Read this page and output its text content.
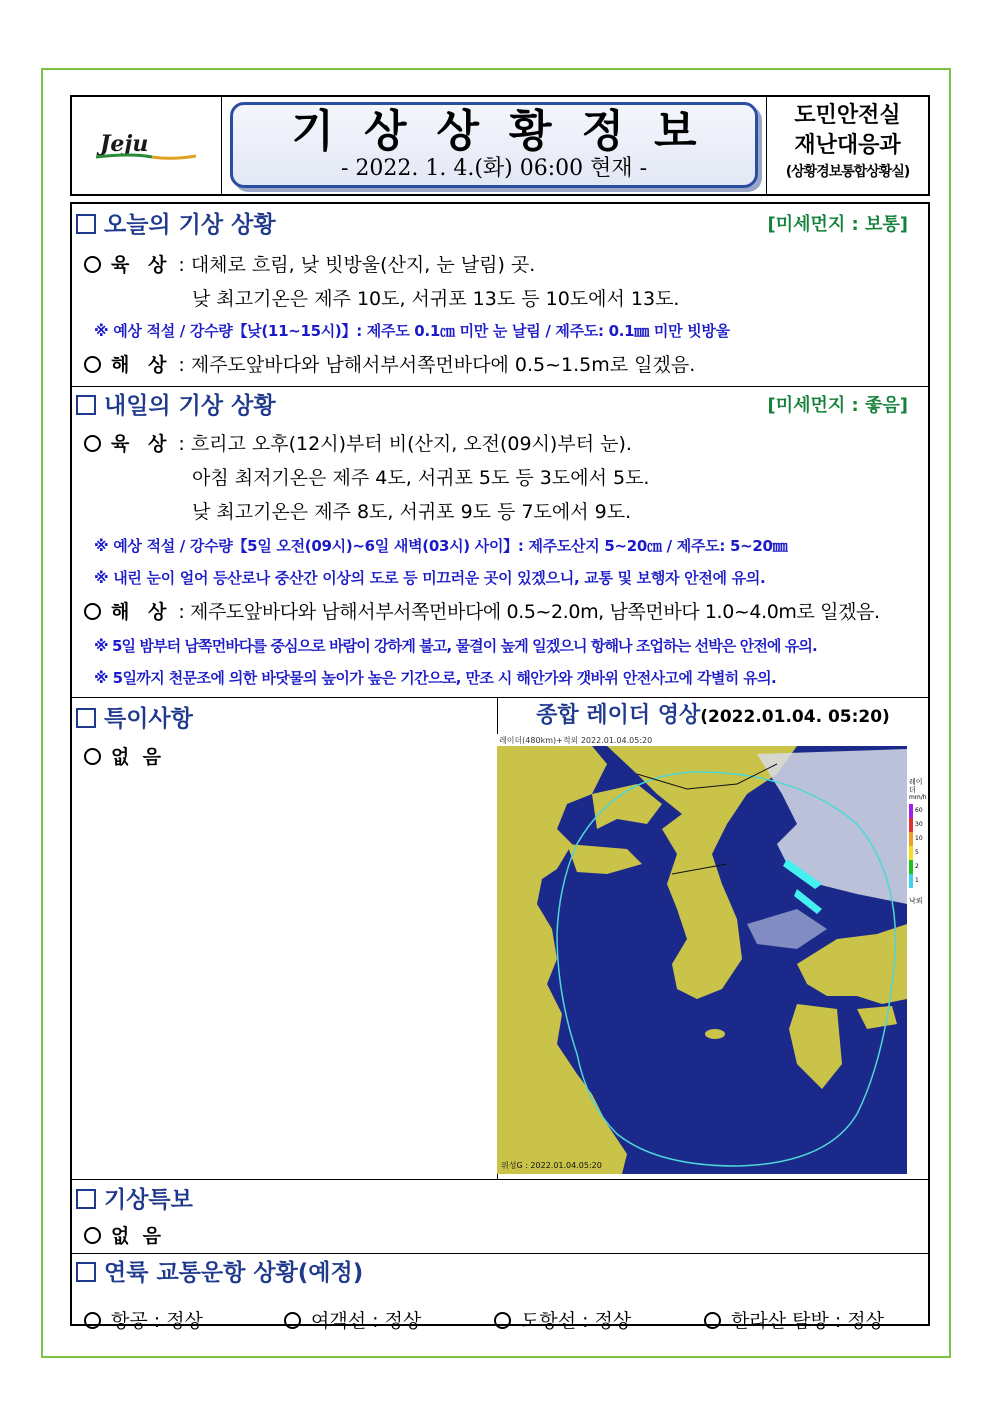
Jeju	기상상황정보
- 2022. 1. 4.(화) 06:00 현재 -
도민안전실
재난대응과
(상황경보통합상황실)
오늘의 기상 상황	[미세먼지 : 보통]
육 상 : 대체로 흐림, 낮 빗방울(산지, 눈 날림) 곳.
낮 최고기온은 제주 10도, 서귀포 13도 등 10도에서 13도.
※ 예상 적설 / 강수량【낮(11~15시)】: 제주도 0.1㎝ 미만 눈 날림 / 제주도: 0.1㎜ 미만 빗방울
해 상 : 제주도앞바다와 남해서부서쪽먼바다에 0.5~1.5m로 일겠음.
내일의 기상 상황	[미세먼지 : 좋음]
육 상 : 흐리고 오후(12시)부터 비(산지, 오전(09시)부터 눈).
아침 최저기온은 제주 4도, 서귀포 5도 등 3도에서 5도.
낮 최고기온은 제주 8도, 서귀포 9도 등 7도에서 9도.
※ 예상 적설 / 강수량【5일 오전(09시)~6일 새벽(03시) 사이】: 제주도산지 5~20㎝ / 제주도: 5~20㎜
※ 내린 눈이 얼어 등산로나 중산간 이상의 도로 등 미끄러운 곳이 있겠으니, 교통 및 보행자 안전에 유의.
해 상 : 제주도앞바다와 남해서부서쪽먼바다에 0.5~2.0m, 남쪽먼바다 1.0~4.0m로 일겠음.
※ 5일 밤부터 남쪽먼바다를 중심으로 바람이 강하게 불고, 물결이 높게 일겠으니 항해나 조업하는 선박은 안전에 유의.
※ 5일까지 천문조에 의한 바닷물의 높이가 높은 기간으로, 만조 시 해안가와 갯바위 안전사고에 각별히 유의.
특이사항
없  음
종합 레이더 영상(2022.01.04. 05:20)
레이더(480km)+적외 2022.01.04.05:20
위성G : 2022.01.04.05:20
레이더
mm/h
60
30
10
5
2
1
낙뢰
기상특보
없  음
연륙 교통운항 상황(예정)
항공 : 정상	여객선 : 정상	도항선 : 정상	한라산 탐방 : 정상
